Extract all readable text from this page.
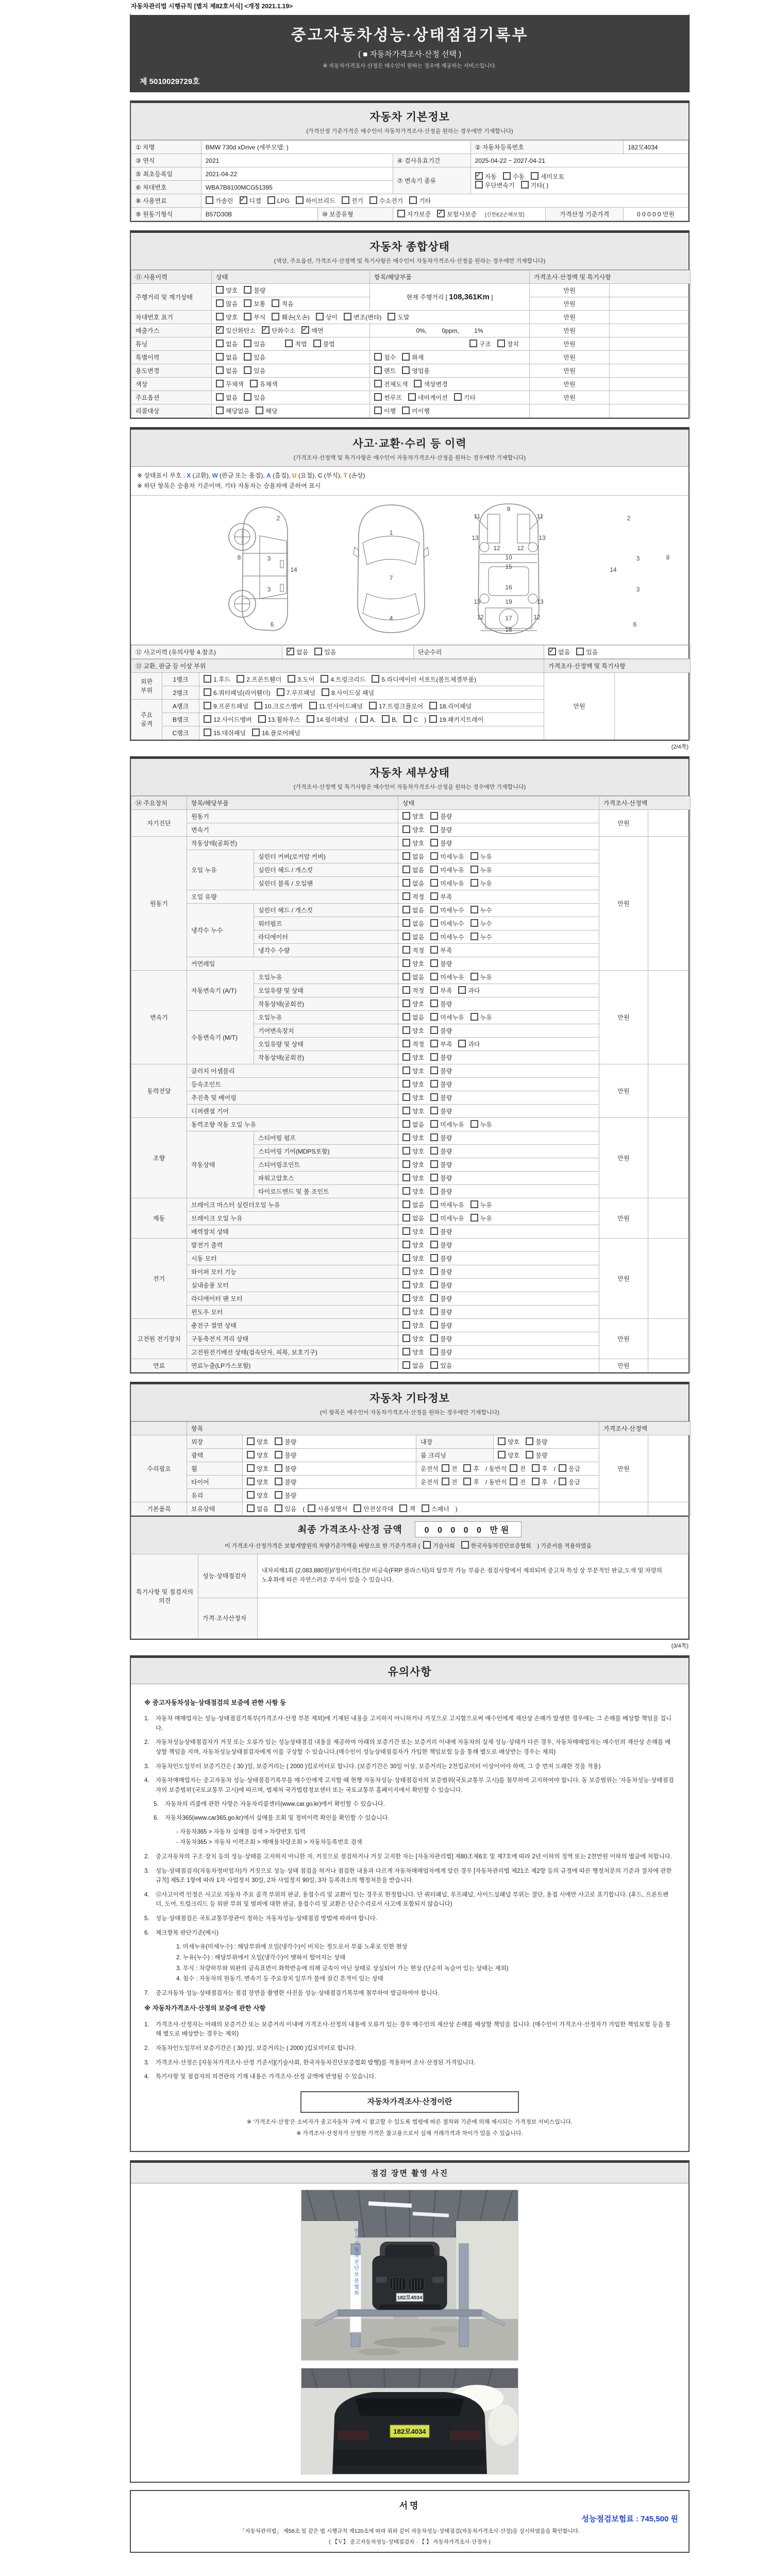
자동차관리법 시행규칙 [별지 제82호서식] <개정 2021.1.19>
중고자동차성능·상태점검기록부
( ■ 자동차가격조사·산정 선택 )
※ 자동차가격조사·산정은 매수인이 원하는 경우에 제공하는 서비스입니다.
제 5010029729호
자동차 기본정보
(가격산정 기준가격은 매수인이 자동차가격조사·산정을 원하는 경우에만 기재합니다)
① 차명	BMW 730d xDrive (세부모델: )			② 자동차등록번호		182모4034
③ 연식	2021		④ 검사유효기간	2025-04-22 ~ 2027-04-21		
⑤ 최초등록일	2021-04-22		⑦ 변속기 종류	
✓자동 수동 세미오토
무단변속기 기타( )

⑥ 차대번호	WBA7B8100MCG51395					
⑧ 사용연료	가솔린 ✓ 디젤 LPG 하이브리드 전기 수소전기 기타
⑨ 원동기형식	B57D30B	⑩ 보증유형	자가보증 ✓ 보험사보증 [신한EZ손해보험]		가격산정 기준가격	0 0 0 0 0 만원
자동차 종합상태
(색상, 주요옵션, 가격조사·산정액 및 특기사항은 매수인이 자동차가격조사·산정을 원하는 경우에만 기재합니다)
⑪ 사용이력	상태	항목/해당부품	가격조사·산정액 및 특기사항	
주행거리 및 계기상태	양호 불량	현재 주행거리 [ 108,361Km ]	만원	
	많음 보통 적음		만원	
차대번호 표기	양호 부식 훼손(오손) 상이 변조(변타) 도말		만원	
배출가스	✓일산화탄소 ✓ 탄화수소 ✓ 매연	0%, 0ppm, 1%	만원	
튜닝	없음 있음 적법 불법	구조 장치	만원	
특별이력	없음 있음	침수 화재	만원	
용도변경	없음 있음	렌트 영업용	만원	
색상	무채색 유채색	전체도색 색상변경	만원	
주요옵션	없음 있음	썬루프 네비게이션 기타	만원	
리콜대상	해당없음 해당	이행 미이행		
사고·교환·수리 등 이력
(가격조사·산정액 및 특기사항은 매수인이 자동차가격조사·산정을 원하는 경우에만 기재합니다)
※ 상태표시 부호 : X (교환), W (판금 또는 용접), A (흠집), U (요철), C (부식), T (손상)
※ 하단 항목은 승용차 기준이며, 기타 자동차는 승용차에 준하여 표시
2
8	3
14
3
6
1
7
4
9
11	11
13	13
12	12
10
15
16
13	13
19
12	12
17
18
2
8
3
14
3
6
⑫ 사고이력 (유의사항 4.참조)	✓없음	있음	단순수리	✓없음	있음
⑬ 교환, 판금 등 이상 부위			가격조사·산정액 및 특기사항	
외판 부위	1랭크	1.후드 2.프론트휀더 3.도어 4.트렁크리드 5.라디에이터 서포트(볼트체결부품)	만원	
	2랭크	6.쿼터패널(리어휀더) 7.루프패널 8.사이드실 패널		
주요 골격	A랭크	9.프론트패널 10.크로스멤버 11.인사이드패널 17.트렁크플로어 18.리어패널		
	B랭크	12.사이드멤버 13.휠하우스 14.필러패널 ( A, B, C ) 19.패키지트레이		
	C랭크	15.대쉬패널 16.플로어패널		
(2/4쪽)
자동차 세부상태
(가격조사·산정액 및 특기사항은 매수인이 자동차가격조사·산정을 원하는 경우에만 기재합니다)
⑭ 주요장치	항목/해당부품		상태	가격조사·산정액	
자기진단	원동기		양호 불량	만원	
	변속기		양호 불량		
원동기	작동상태(공회전)		양호 불량	만원	
	오일 누유	실린더 커버(로커암 커버)	없음 미세누유 누유		
		실린더 헤드 / 개스킷	없음 미세누유 누유		
		실린더 블록 / 오일팬	없음 미세누유 누유		
	오일 유량		적정 부족		
	냉각수 누수	실린더 헤드 / 개스킷	없음 미세누수 누수		
		워터펌프	없음 미세누수 누수		
		라디에이터	없음 미세누수 누수		
		냉각수 수량	적정 부족		
	커먼레일		양호 불량		
변속기	자동변속기 (A/T)	오일누유	없음 미세누유 누유	만원	
		오일유량 및 상태	적정 부족 과다		
		작동상태(공회전)	양호 불량		
	수동변속기 (M/T)	오일누유	없음 미세누유 누유		
		기어변속장치	양호 불량		
		오일유량 및 상태	적정 부족 과다		
		작동상태(공회전)	양호 불량		
동력전달	클러치 어셈블리		양호 불량	만원	
	등속조인트		양호 불량		
	추진축 및 베어링		양호 불량		
	디퍼렌셜 기어		양호 불량		
조향	동력조향 작동 오일 누유		없음 미세누유 누유	만원	
	작동상태	스티어링 펌프	양호 불량		
		스티어링 기어(MDPS포함)	양호 불량		
		스티어링조인트	양호 불량		
		파워고압호스	양호 불량		
		타이로드엔드 및 볼 조인트	양호 불량		
제동	브레이크 마스터 실린더오일 누유		없음 미세누유 누유	만원	
	브레이크 오일 누유		없음 미세누유 누유		
	배력장치 상태		양호 불량		
전기	발전기 출력		양호 불량	만원	
	시동 모터		양호 불량		
	와이퍼 모터 기능		양호 불량		
	실내송풍 모터		양호 불량		
	라디에이터 팬 모터		양호 불량		
	윈도우 모터		양호 불량		
고전원 전기장치	충전구 절연 상태		양호 불량	만원	
	구동축전지 격리 상태		양호 불량		
	고전원전기배선 상태(접속단자, 피복, 보호기구)		양호 불량		
연료	연료누출(LP가스포함)		없음 있음	만원	
자동차 기타정보
(이 항목은 매수인이 자동차가격조사·산정을 원하는 경우에만 기재합니다)
	항목				가격조사·산정액	
수리필요	외장	양호 불량	내장	양호 불량	만원	
	광택	양호 불량	룸 크리닝	양호 불량		
	휠	양호 불량	운전석 전 후 / 동반석 전 후 / 응급			
	타이어	양호 불량	운전석 전 후 / 동반석 전 후 / 응급			
	유리	양호 불량				
기본품목	보유상태	없음 있음 ( 사용설명서 안전삼각대 잭 스패너 )				
최종 가격조사·산정 금액	0 0 0 0 0 만원
이 가격조사·산정가격은 보험개발원의 차량기준가액을 바탕으로 한 기준가격과 ( 기술사회	한국자동차진단보증협회 ) 기준서를 적용하였음
특기사항 및 점검자의 의견	성능·상태점검자	내차피해1회 (2,083,880원)//정비이력1건// 비금속(FRP 플라스틱)의 탈부착 가능 부품은 점검사항에서 제외되며 중고차 특성 상 부분적인 판금,도색 및 차량의 노후화에 따른 자연스러운 부식이 있을 수 있습니다.
	가격·조사산정자	
(3/4쪽)
유의사항
※ 중고자동차성능·상태점검의 보증에 관한 사항 등
1.	자동차 매매업자는 성능·상태점검기록부(가격조사·산정 부분 제외)에 기재된 내용을 고지하지 아니하거나 거짓으로 고지함으로써 매수인에게 재산상 손해가 발생한 경우에는 그 손해를 배상할 책임을 집니다.
2.	자동차성능상태점검자가 거짓 또는 오류가 있는 성능상태점검 내용을 제공하여 아래의 보증기간 또는 보증거리 이내에 자동차의 실제 성능·상태가 다른 경우, 자동차매매업자는 매수인의 재산상 손해를 배상할 책임을 지며, 자동차성능상태점검자에게 이를 구상할 수 있습니다.(매수인이 성능상태점검자가 가입한 책임보험 등을 통해 별도로 배상받는 경우는 제외)
3.	자동차인도일부터 보증기간은 ( 30 )일, 보증거리는 ( 2000 )킬로미터로 합니다. (보증기간은 30일 이상, 보증거리는 2천킬로미터 이상이어야 하며, 그 중 먼저 도래한 것을 적용)
4.	자동차매매업자는 중고자동차 성능·상태점검기록부를 매수인에게 고지할 때 현행 자동차성능·상태점검자의 보증범위(국토교통부 고시)를 첨부하여 고지하여야 합니다. 동 보증범위는 '자동차성능·상태점검자의 보증범위'(국토교통부 고시)에 따르며, 법제처 국가법령정보센터 또는 국토교통부 홈페이지에서 확인할 수 있습니다.
5.	자동차의 리콜에 관한 사항은 자동차리콜센터(www.car.go.kr)에서 확인할 수 있습니다.
6.	자동차365(www.car365.go.kr)에서 실매물 조회 및 정비이력 확인을 확인할 수 있습니다.
- 자동차365 > 자동차 실매물 검색 > 차량번호 입력
- 자동차365 > 자동차 이력조회 > 매매용차량조회 > 자동차등록번호 검색
2.	중고자동차의 구조·장치 등의 성능·상태를 고지하지 아니한 자, 거짓으로 점검하거나 거짓 고지한 자는 [자동차관리법] 제80조제6호 및 제7호에 따라 2년 이하의 징역 또는 2천만원 이하의 벌금에 처합니다.
3.	성능·상태점검자(자동차정비업자)가 거짓으로 성능·상태 점검을 하거나 점검한 내용과 다르게 자동차매매업자에게 알린 경우 [자동차관리법 제21조 제2항 등의 규정에 따른 행정처분의 기준과 절차에 관한 규칙] 제5조 1항에 따라 1차 사업정지 30일, 2차 사업정지 90일, 3차 등록취소의 행정처분을 받습니다.
4.	⑫사고이력 인정은 사고로 자동차 주요 골격 부위의 판금, 용접수리 및 교환이 있는 경우로 한정합니다. 단 쿼터패널, 루프패널, 사이드실패널 부위는 절단, 용접 시에만 사고로 표기합니다. (후드, 프론트펜더, 도어, 트렁크리드 등 외판 부위 및 범퍼에 대한 판금, 용접수리 및 교환은 단순수리로서 사고에 포함되지 않습니다)
5.	성능·상태점검은 국토교통부장관이 정하는 자동차성능·상태점검 방법에 따라야 합니다.
6.	체크항목 판단기준(예시)
1. 미세누유(미세누수) : 해당부위에 오일(냉각수)이 비치는 정도로서 부품 노후로 인한 현상
2. 누유(누수) : 해당부위에서 오일(냉각수)이 맺혀서 떨어지는 상태
3. 부식 : 차량하부와 외판의 금속표면이 화학반응에 의해 금속이 아닌 상태로 상실되어 가는 현상 (단순히 녹슬어 있는 상태는 제외)
4. 침수 : 자동차의 원동기, 변속기 등 주요장치 일부가 물에 잠긴 흔적이 있는 상태
7.	중고자동차 성능·상태점검자는 점검 장면을 촬영한 사진을 성능·상태점검기록부에 첨부하여 발급하여야 합니다.
※ 자동차가격조사·산정의 보증에 관한 사항
1.	가격조사·산정자는 아래의 보증기간 또는 보증거리 이내에 가격조사·산정의 내용에 오류가 있는 경우 매수인의 재산상 손해를 배상할 책임을 집니다. (매수인이 가격조사·산정자가 가입한 책임보험 등을 통해 별도로 배상받는 경우는 제외)
2.	자동차인도일부터 보증기간은 ( 30 )일, 보증거리는 ( 2000 )킬로미터로 합니다.
3.	가격조사·산정은 [자동차가격조사·산정 기준서](기술사회, 한국자동차진단보증협회 발행)를 적용하여 조사·산정된 가격입니다.
4.	특기사항 및 점검자의 의견란의 기재 내용은 가격조사·산정 금액에 반영될 수 있습니다.
자동차가격조사·산정이란
※ '가격조사·산정'은 소비자가 중고자동차 구매 시 참고할 수 있도록 법령에 따른 절차와 기준에 의해 제시되는 가격정보 서비스입니다.
※ 가격조사·산정자가 산정한 가격은 참고용으로서 실제 거래가격과 차이가 있을 수 있습니다.
점검 장면 촬영 사진
한국자동차진단보증협회
182모4034
182모4034
서명
성능점검보험료 : 745,500 원
「자동차관리법」 제58조 및 같은 법 시행규칙 제120조에 따라 위와 같이 자동차성능·상태점검(자동차가격조사·산정)을 실시하였음을 확인합니다.
( 【Ｖ】 중고자동차성능·상태점검자 · 【 】 자동차가격조사·산정자 )
